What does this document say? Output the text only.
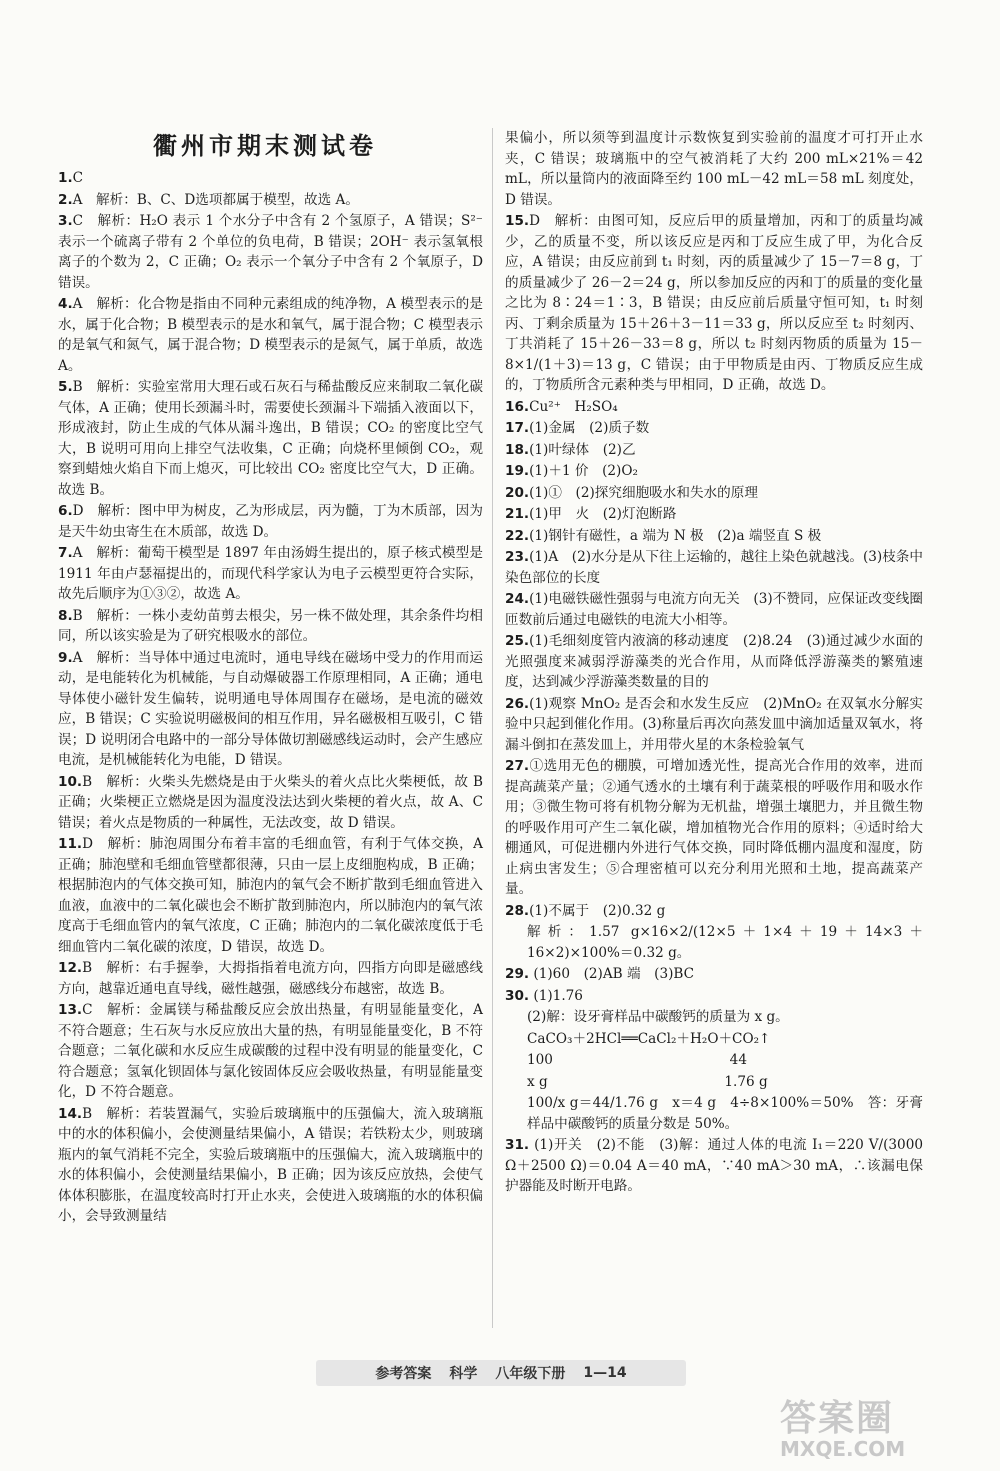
衢州市期末测试卷
1.C
2.A　解析：B、C、D选项都属于模型，故选 A。
3.C　解析：H₂O 表示 1 个水分子中含有 2 个氢原子，A 错误；S²⁻ 表示一个硫离子带有 2 个单位的负电荷，B 错误；2OH⁻ 表示氢氧根离子的个数为 2，C 正确；O₂ 表示一个氧分子中含有 2 个氧原子，D 错误。
4.A　解析：化合物是指由不同种元素组成的纯净物，A 模型表示的是水，属于化合物；B 模型表示的是水和氧气，属于混合物；C 模型表示的是氧气和氮气，属于混合物；D 模型表示的是氮气，属于单质，故选 A。
5.B　解析：实验室常用大理石或石灰石与稀盐酸反应来制取二氧化碳气体，A 正确；使用长颈漏斗时，需要使长颈漏斗下端插入液面以下，形成液封，防止生成的气体从漏斗逸出，B 错误；CO₂ 的密度比空气大，B 说明可用向上排空气法收集，C 正确；向烧杯里倾倒 CO₂，观察到蜡烛火焰自下而上熄灭，可比较出 CO₂ 密度比空气大，D 正确。故选 B。
6.D　解析：图中甲为树皮，乙为形成层，丙为髓，丁为木质部，因为是天牛幼虫寄生在木质部，故选 D。
7.A　解析：葡萄干模型是 1897 年由汤姆生提出的，原子核式模型是 1911 年由卢瑟福提出的，而现代科学家认为电子云模型更符合实际，故先后顺序为①③②，故选 A。
8.B　解析：一株小麦幼苗剪去根尖，另一株不做处理，其余条件均相同，所以该实验是为了研究根吸水的部位。
9.A　解析：当导体中通过电流时，通电导线在磁场中受力的作用而运动，是电能转化为机械能，与自动爆破器工作原理相同，A 正确；通电导体使小磁针发生偏转，说明通电导体周围存在磁场，是电流的磁效应，B 错误；C 实验说明磁极间的相互作用，异名磁极相互吸引，C 错误；D 说明闭合电路中的一部分导体做切割磁感线运动时，会产生感应电流，是机械能转化为电能，D 错误。
10.B　解析：火柴头先燃烧是由于火柴头的着火点比火柴梗低，故 B 正确；火柴梗正立燃烧是因为温度没法达到火柴梗的着火点，故 A、C 错误；着火点是物质的一种属性，无法改变，故 D 错误。
11.D　解析：肺泡周围分布着丰富的毛细血管，有利于气体交换，A 正确；肺泡壁和毛细血管壁都很薄，只由一层上皮细胞构成，B 正确；根据肺泡内的气体交换可知，肺泡内的氧气会不断扩散到毛细血管进入血液，血液中的二氧化碳也会不断扩散到肺泡内，所以肺泡内的氧气浓度高于毛细血管内的氧气浓度，C 正确；肺泡内的二氧化碳浓度低于毛细血管内二氧化碳的浓度，D 错误，故选 D。
12.B　解析：右手握拳，大拇指指着电流方向，四指方向即是磁感线方向，越靠近通电直导线，磁性越强，磁感线分布越密，故选 B。
13.C　解析：金属镁与稀盐酸反应会放出热量，有明显能量变化，A 不符合题意；生石灰与水反应放出大量的热，有明显能量变化，B 不符合题意；二氧化碳和水反应生成碳酸的过程中没有明显的能量变化，C 符合题意；氢氧化钡固体与氯化铵固体反应会吸收热量，有明显能量变化，D 不符合题意。
14.B　解析：若装置漏气，实验后玻璃瓶中的压强偏大，流入玻璃瓶中的水的体积偏小，会使测量结果偏小，A 错误；若铁粉太少，则玻璃瓶内的氧气消耗不完全，实验后玻璃瓶中的压强偏大，流入玻璃瓶中的水的体积偏小，会使测量结果偏小，B 正确；因为该反应放热，会使气体体积膨胀，在温度较高时打开止水夹，会使进入玻璃瓶的水的体积偏小，会导致测量结
果偏小，所以须等到温度计示数恢复到实验前的温度才可打开止水夹，C 错误；玻璃瓶中的空气被消耗了大约 200 mL×21%＝42 mL，所以量筒内的液面降至约 100 mL－42 mL＝58 mL 刻度处，D 错误。
15.D　解析：由图可知，反应后甲的质量增加，丙和丁的质量均减少，乙的质量不变，所以该反应是丙和丁反应生成了甲，为化合反应，A 错误；由反应前到 t₁ 时刻，丙的质量减少了 15－7＝8 g，丁的质量减少了 26－2＝24 g，所以参加反应的丙和丁的质量的变化量之比为 8∶24＝1∶3，B 错误；由反应前后质量守恒可知，t₁ 时刻丙、丁剩余质量为 15＋26＋3－11＝33 g，所以反应至 t₂ 时刻丙、丁共消耗了 15＋26－33＝8 g，所以 t₂ 时刻丙物质的质量为 15－8×1/(1＋3)＝13 g，C 错误；由于甲物质是由丙、丁物质反应生成的，丁物质所含元素种类与甲相同，D 正确，故选 D。
16.Cu²⁺　H₂SO₄
17.(1)金属　(2)质子数
18.(1)叶绿体　(2)乙
19.(1)＋1 价　(2)O₂
20.(1)①　(2)探究细胞吸水和失水的原理
21.(1)甲　火　(2)灯泡断路
22.(1)钢针有磁性，a 端为 N 极　(2)a 端竖直 S 极
23.(1)A　(2)水分是从下往上运输的，越往上染色就越浅。(3)枝条中染色部位的长度
24.(1)电磁铁磁性强弱与电流方向无关　(3)不赞同，应保证改变线圈匝数前后通过电磁铁的电流大小相等。
25.(1)毛细刻度管内液滴的移动速度　(2)8.24　(3)通过减少水面的光照强度来减弱浮游藻类的光合作用，从而降低浮游藻类的繁殖速度，达到减少浮游藻类数量的目的
26.(1)观察 MnO₂ 是否会和水发生反应　(2)MnO₂ 在双氧水分解实验中只起到催化作用。(3)称量后再次向蒸发皿中滴加适量双氧水，将漏斗倒扣在蒸发皿上，并用带火星的木条检验氧气
27.①选用无色的棚膜，可增加透光性，提高光合作用的效率，进而提高蔬菜产量；②通气透水的土壤有利于蔬菜根的呼吸作用和吸水作用；③微生物可将有机物分解为无机盐，增强土壤肥力，并且微生物的呼吸作用可产生二氧化碳，增加植物光合作用的原料；④适时给大棚通风，可促进棚内外进行气体交换，同时降低棚内温度和湿度，防止病虫害发生；⑤合理密植可以充分利用光照和土地，提高蔬菜产量。
28.(1)不属于　(2)0.32 g
解析：1.57 g×16×2/(12×5＋1×4＋19＋14×3＋16×2)×100%＝0.32 g。
29. (1)60　(2)AB 端　(3)BC
30. (1)1.76
(2)解：设牙膏样品中碳酸钙的质量为 x g。
CaCO₃＋2HCl══CaCl₂＋H₂O＋CO₂↑
100　　　　　　　　　　　　　44
x g　　　　　　　　　　　　　1.76 g
100/x g＝44/1.76 g　x＝4 g　4÷8×100%＝50%　答：牙膏样品中碳酸钙的质量分数是 50%。
31. (1)开关　(2)不能　(3)解：通过人体的电流 I₁＝220 V/(3000 Ω＋2500 Ω)＝0.04 A＝40 mA，∵40 mA＞30 mA，∴该漏电保护器能及时断开电路。
参考答案 科学 八年级下册 1—14
答案圈
MXQE.COM
